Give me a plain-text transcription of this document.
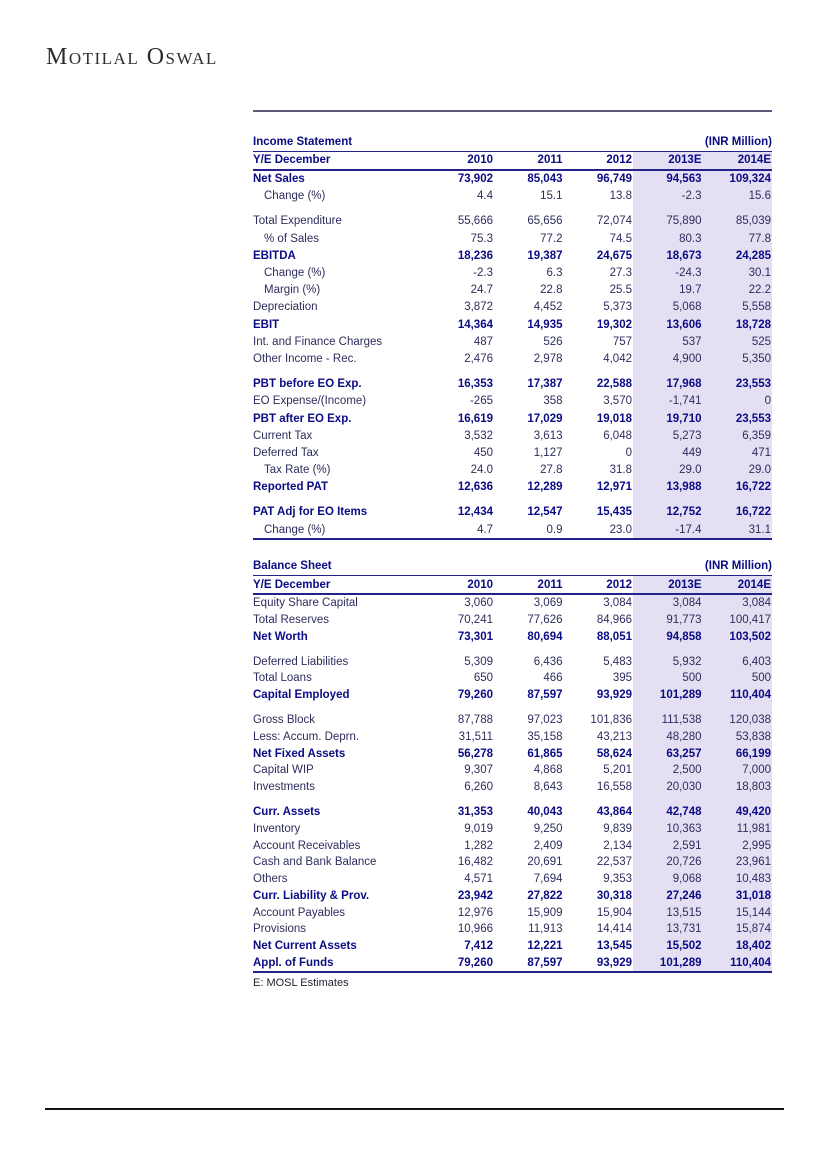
Motilal Oswal
Income Statement	(INR Million)
Y/E December	2010	2011	2012	2013E	2014E
Net Sales	73,902	85,043	96,749	94,563	109,324
Change (%)	4.4	15.1	13.8	-2.3	15.6
Total Expenditure	55,666	65,656	72,074	75,890	85,039
% of Sales	75.3	77.2	74.5	80.3	77.8
EBITDA	18,236	19,387	24,675	18,673	24,285
Change (%)	-2.3	6.3	27.3	-24.3	30.1
Margin (%)	24.7	22.8	25.5	19.7	22.2
Depreciation	3,872	4,452	5,373	5,068	5,558
EBIT	14,364	14,935	19,302	13,606	18,728
Int. and Finance Charges	487	526	757	537	525
Other Income - Rec.	2,476	2,978	4,042	4,900	5,350
PBT before EO Exp.	16,353	17,387	22,588	17,968	23,553
EO Expense/(Income)	-265	358	3,570	-1,741	0
PBT after EO Exp.	16,619	17,029	19,018	19,710	23,553
Current Tax	3,532	3,613	6,048	5,273	6,359
Deferred Tax	450	1,127	0	449	471
Tax Rate (%)	24.0	27.8	31.8	29.0	29.0
Reported PAT	12,636	12,289	12,971	13,988	16,722
PAT Adj for EO Items	12,434	12,547	15,435	12,752	16,722
Change (%)	4.7	0.9	23.0	-17.4	31.1
Balance Sheet	(INR Million)
Y/E December	2010	2011	2012	2013E	2014E
Equity Share Capital	3,060	3,069	3,084	3,084	3,084
Total Reserves	70,241	77,626	84,966	91,773	100,417
Net Worth	73,301	80,694	88,051	94,858	103,502
Deferred Liabilities	5,309	6,436	5,483	5,932	6,403
Total Loans	650	466	395	500	500
Capital Employed	79,260	87,597	93,929	101,289	110,404
Gross Block	87,788	97,023	101,836	111,538	120,038
Less: Accum. Deprn.	31,511	35,158	43,213	48,280	53,838
Net Fixed Assets	56,278	61,865	58,624	63,257	66,199
Capital WIP	9,307	4,868	5,201	2,500	7,000
Investments	6,260	8,643	16,558	20,030	18,803
Curr. Assets	31,353	40,043	43,864	42,748	49,420
Inventory	9,019	9,250	9,839	10,363	11,981
Account Receivables	1,282	2,409	2,134	2,591	2,995
Cash and Bank Balance	16,482	20,691	22,537	20,726	23,961
Others	4,571	7,694	9,353	9,068	10,483
Curr. Liability & Prov.	23,942	27,822	30,318	27,246	31,018
Account Payables	12,976	15,909	15,904	13,515	15,144
Provisions	10,966	11,913	14,414	13,731	15,874
Net Current Assets	7,412	12,221	13,545	15,502	18,402
Appl. of Funds	79,260	87,597	93,929	101,289	110,404
E: MOSL Estimates
